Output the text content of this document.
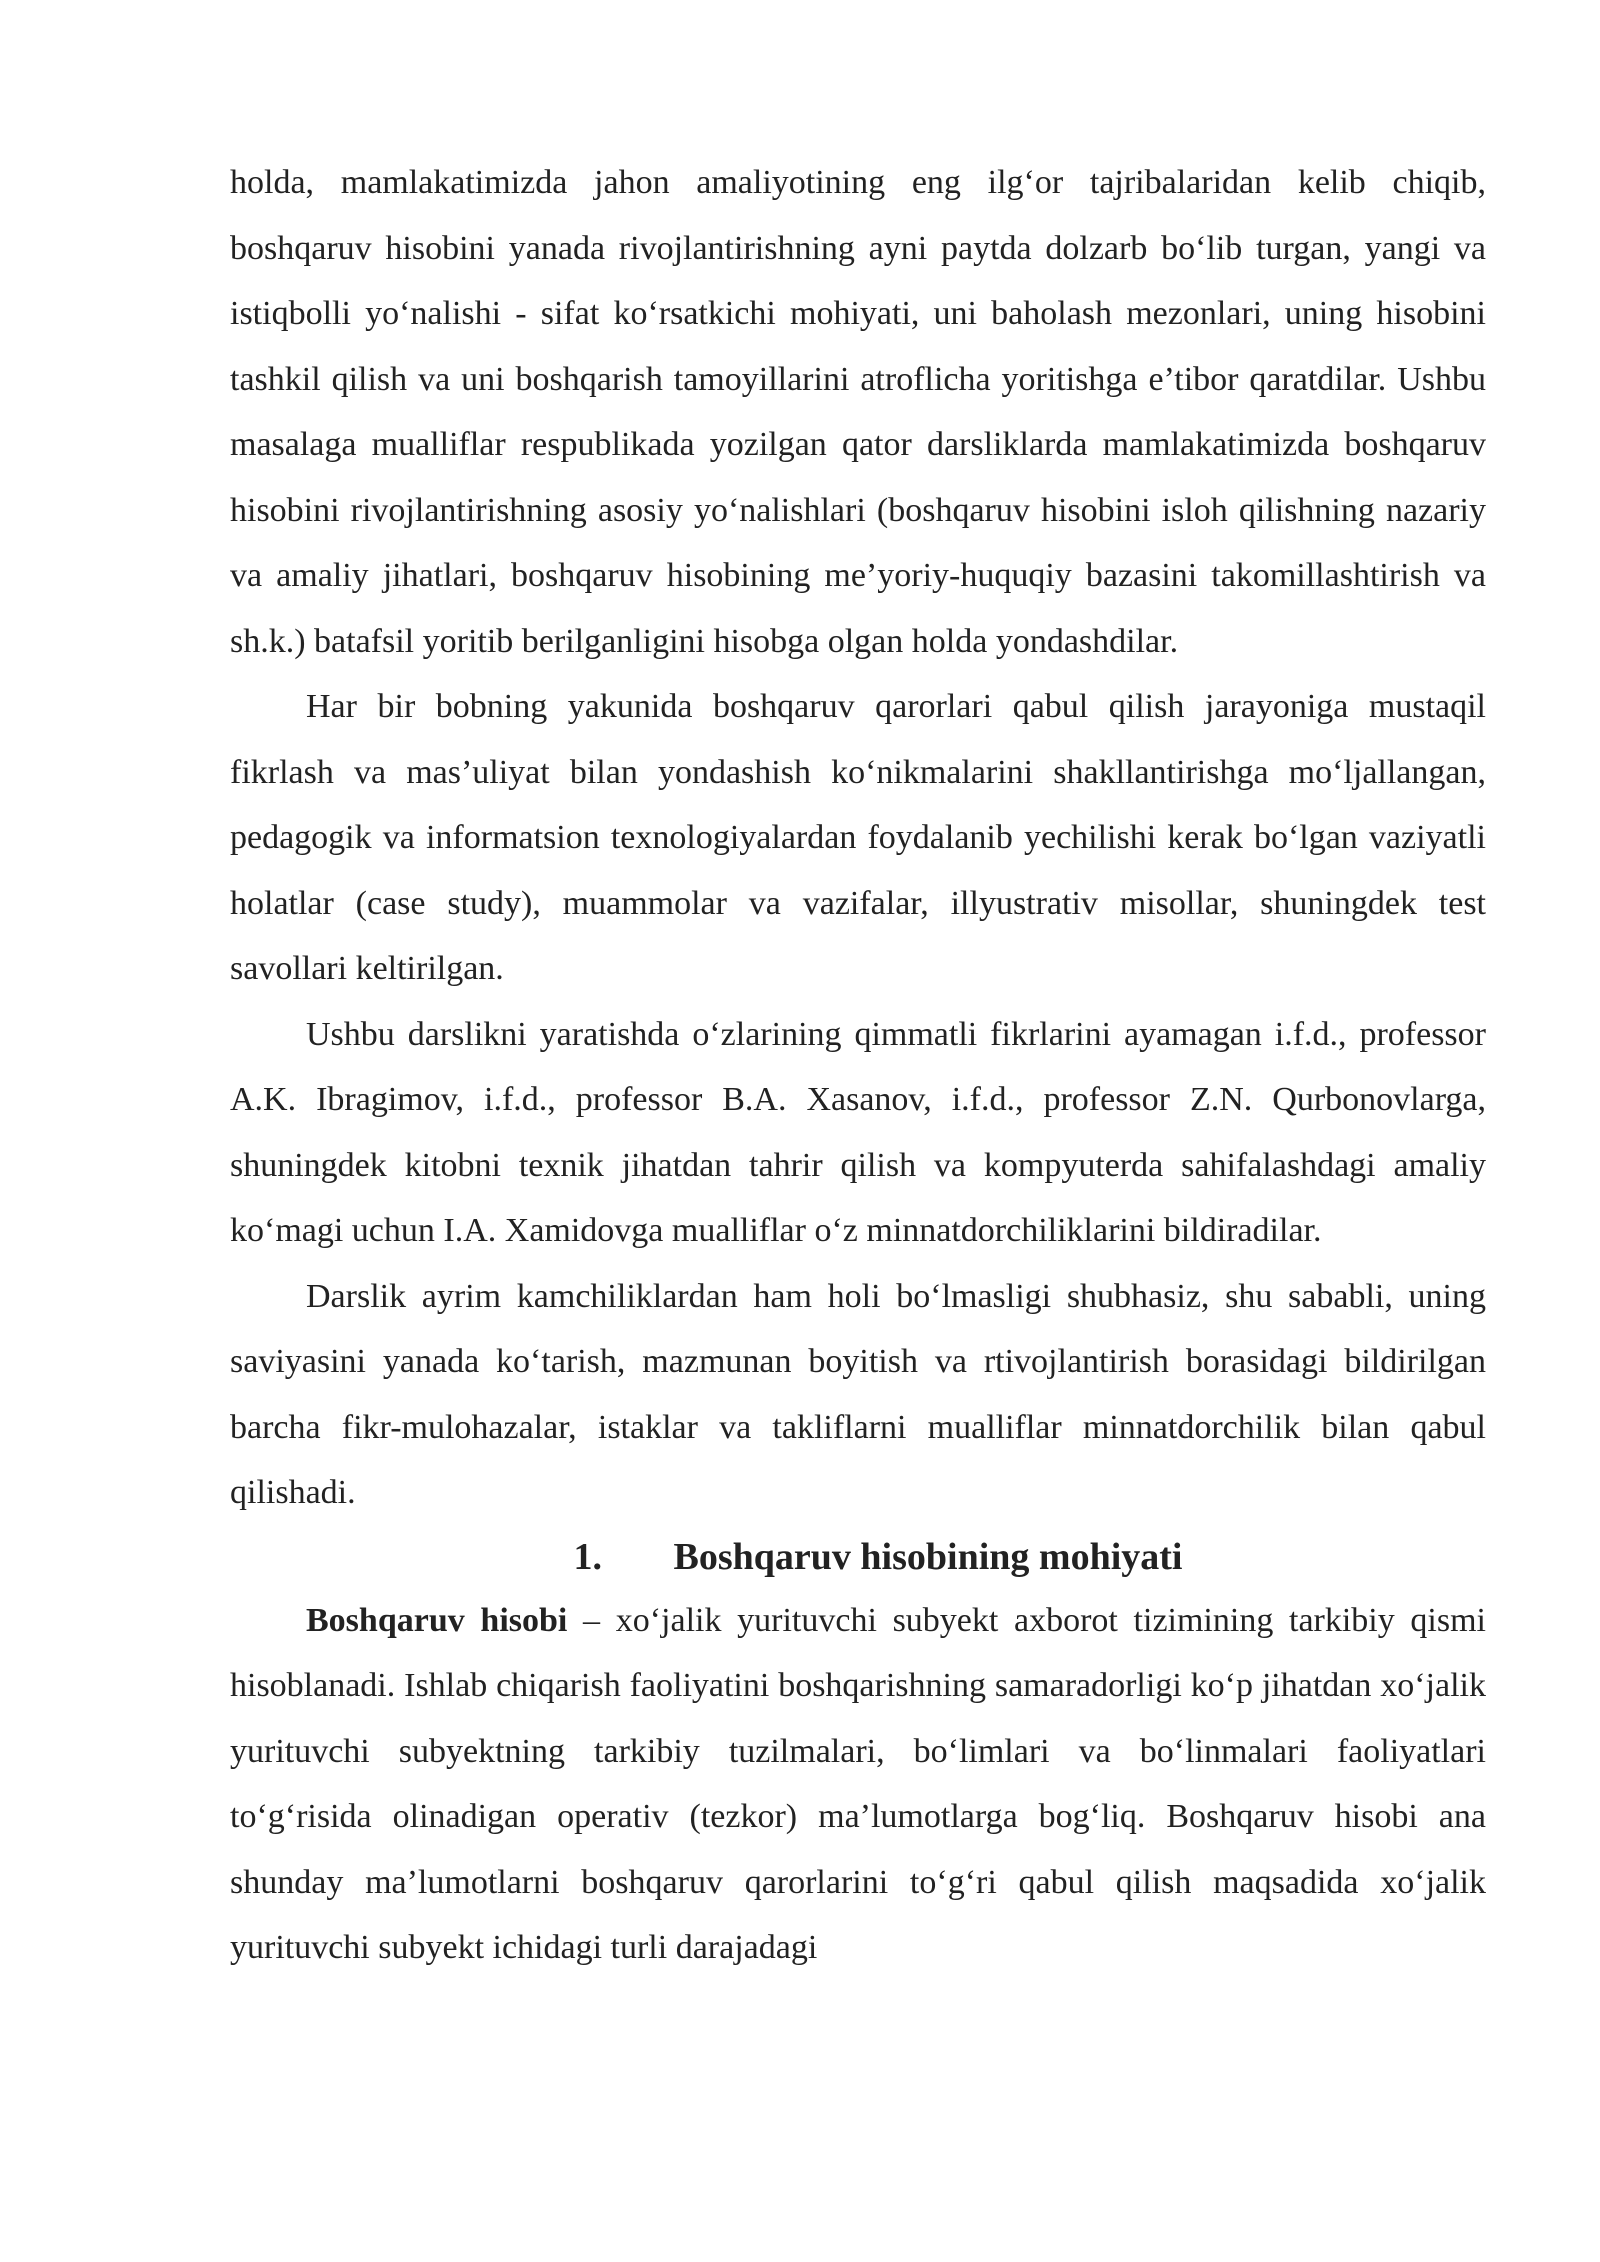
holda, mamlakatimizda jahon amaliyotining eng ilg‘or tajribalaridan kelib chiqib, boshqaruv hisobini yanada rivojlantirishning ayni paytda dolzarb bo‘lib turgan, yangi va istiqbolli yo‘nalishi - sifat ko‘rsatkichi mohiyati, uni baholash mezonlari, uning hisobini tashkil qilish va uni boshqarish tamoyillarini atroflicha yoritishga e’tibor qaratdilar. Ushbu masalaga mualliflar respublikada yozilgan qator darsliklarda mamlakatimizda boshqaruv hisobini rivojlantirishning asosiy yo‘nalishlari (boshqaruv hisobini isloh qilishning nazariy va amaliy jihatlari, boshqaruv hisobining me’yoriy-huquqiy bazasini takomillashtirish va sh.k.) batafsil yoritib berilganligini hisobga olgan holda yondashdilar.

Har bir bobning yakunida boshqaruv qarorlari qabul qilish jarayoniga mustaqil fikrlash va mas’uliyat bilan yondashish ko‘nikmalarini shakllantirishga mo‘ljallangan, pedagogik va informatsion texnologiyalardan foydalanib yechilishi kerak bo‘lgan vaziyatli holatlar (case study), muammolar va vazifalar, illyustrativ misollar, shuningdek test savollari keltirilgan.

Ushbu darslikni yaratishda o‘zlarining qimmatli fikrlarini ayamagan i.f.d., professor A.K. Ibragimov, i.f.d., professor B.A. Xasanov, i.f.d., professor Z.N. Qurbonovlarga, shuningdek kitobni texnik jihatdan tahrir qilish va kompyuterda sahifalashdagi amaliy ko‘magi uchun I.A. Xamidovga mualliflar o‘z minnatdorchiliklarini bildiradilar.

Darslik ayrim kamchiliklardan ham holi bo‘lmasligi shubhasiz, shu sababli, uning saviyasini yanada ko‘tarish, mazmunan boyitish va rtivojlantirish borasidagi bildirilgan barcha fikr-mulohazalar, istaklar va takliflarni mualliflar minnatdorchilik bilan qabul qilishadi.

1. Boshqaruv hisobining mohiyati

Boshqaruv hisobi – xo‘jalik yurituvchi subyekt axborot tizimining tarkibiy qismi hisoblanadi. Ishlab chiqarish faoliyatini boshqarishning samaradorligi ko‘p jihatdan xo‘jalik yurituvchi subyektning tarkibiy tuzilmalari, bo‘limlari va bo‘linmalari faoliyatlari to‘g‘risida olinadigan operativ (tezkor) ma’lumotlarga bog‘liq. Boshqaruv hisobi ana shunday ma’lumotlarni boshqaruv qarorlarini to‘g‘ri qabul qilish maqsadida xo‘jalik yurituvchi subyekt ichidagi turli darajadagi
